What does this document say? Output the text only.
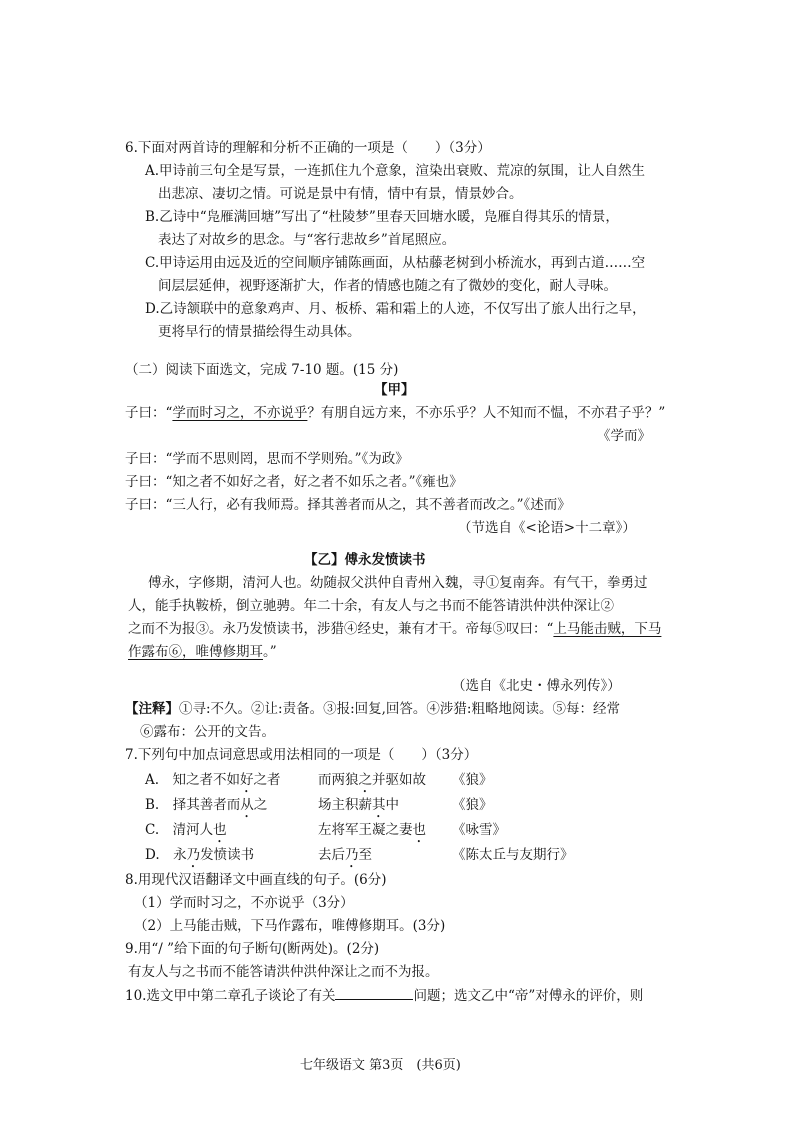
6.下面对两首诗的理解和分析不正确的一项是（　　）（3分）
A.甲诗前三句全是写景，一连抓住九个意象，渲染出衰败、荒凉的氛围，让人自然生
出悲凉、凄切之情。可说是景中有情，情中有景，情景妙合。
B.乙诗中“凫雁满回塘”写出了“杜陵梦”里春天回塘水暖，凫雁自得其乐的情景，
表达了对故乡的思念。与“客行悲故乡”首尾照应。
C.甲诗运用由远及近的空间顺序铺陈画面，从枯藤老树到小桥流水，再到古道……空
间层层延伸，视野逐渐扩大，作者的情感也随之有了微妙的变化，耐人寻味。
D.乙诗颔联中的意象鸡声、月、板桥、霜和霜上的人迹，不仅写出了旅人出行之早，
更将早行的情景描绘得生动具体。
（二）阅读下面选文，完成 7-10 题。(15 分)
【甲】
子曰：“学而时习之，不亦说乎？有朋自远方来，不亦乐乎？人不知而不愠，不亦君子乎？”
《学而》
子曰：“学而不思则罔，思而不学则殆。”《为政》
子曰：“知之者不如好之者，好之者不如乐之者。”《雍也》
子曰：“三人行，必有我师焉。择其善者而从之，其不善者而改之。”《述而》
（节选自《<论语>十二章》）
【乙】傅永发愤读书
傅永，字修期，清河人也。幼随叔父洪仲自青州入魏，寻①复南奔。有气干，拳勇过
人，能手执鞍桥，倒立驰骋。年二十余，有友人与之书而不能答请洪仲洪仲深让②
之而不为报③。永乃发愤读书，涉猎④经史，兼有才干。帝每⑤叹曰：“上马能击贼，下马
作露布⑥，唯傅修期耳。”
（选自《北史・傅永列传》）
【注释】①寻:不久。②让:责备。③报:回复,回答。④涉猎:粗略地阅读。⑤每：经常
⑥露布：公开的文告。
7.下列句中加点词意思或用法相同的一项是（　　）（3分）
A.　知之者不如好之者	而两狼之并驱如故 《狼》
B.　择其善者而从之	场主积薪其中	《狼》
C.　清河人也	左将军王凝之妻也 《咏雪》
D.　永乃发愤读书	去后乃至	《陈太丘与友期行》
8.用现代汉语翻译文中画直线的句子。(6分)
（1）学而时习之，不亦说乎（3分）
（2）上马能击贼，下马作露布，唯傅修期耳。(3分)
9.用“/ ”给下面的句子断句(断两处)。(2分)
有友人与之书而不能答请洪仲洪仲深让之而不为报。
10.选文甲中第二章孔子谈论了有关	问题；选文乙中“帝”对傅永的评价，则
七年级语文 第3页　(共6页)
